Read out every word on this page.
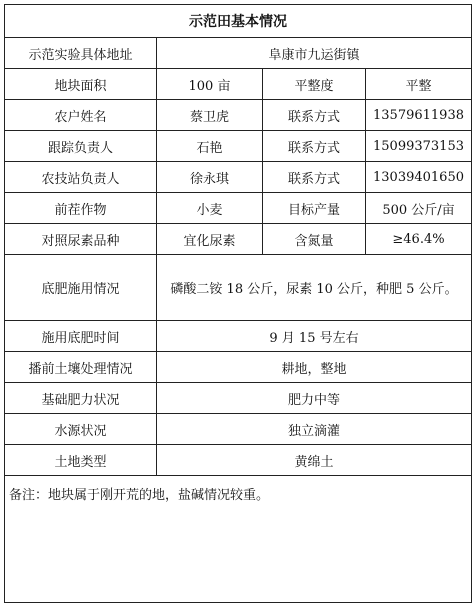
示范田基本情况			
示范实验具体地址	阜康市九运街镇		
地块面积	100 亩	平整度	平整
农户姓名	蔡卫虎	联系方式	13579611938
跟踪负责人	石艳	联系方式	15099373153
农技站负责人	徐永琪	联系方式	13039401650
前茬作物	小麦	目标产量	500 公斤/亩
对照尿素品种	宜化尿素	含氮量	≥46.4%
底肥施用情况	磷酸二铵 18 公斤，尿素 10 公斤，种肥 5 公斤。		
施用底肥时间	9 月 15 号左右		
播前土壤处理情况	耕地，整地		
基础肥力状况	肥力中等		
水源状况	独立滴灌		
土地类型	黄绵土		
备注：地块属于刚开荒的地，盐碱情况较重。			
